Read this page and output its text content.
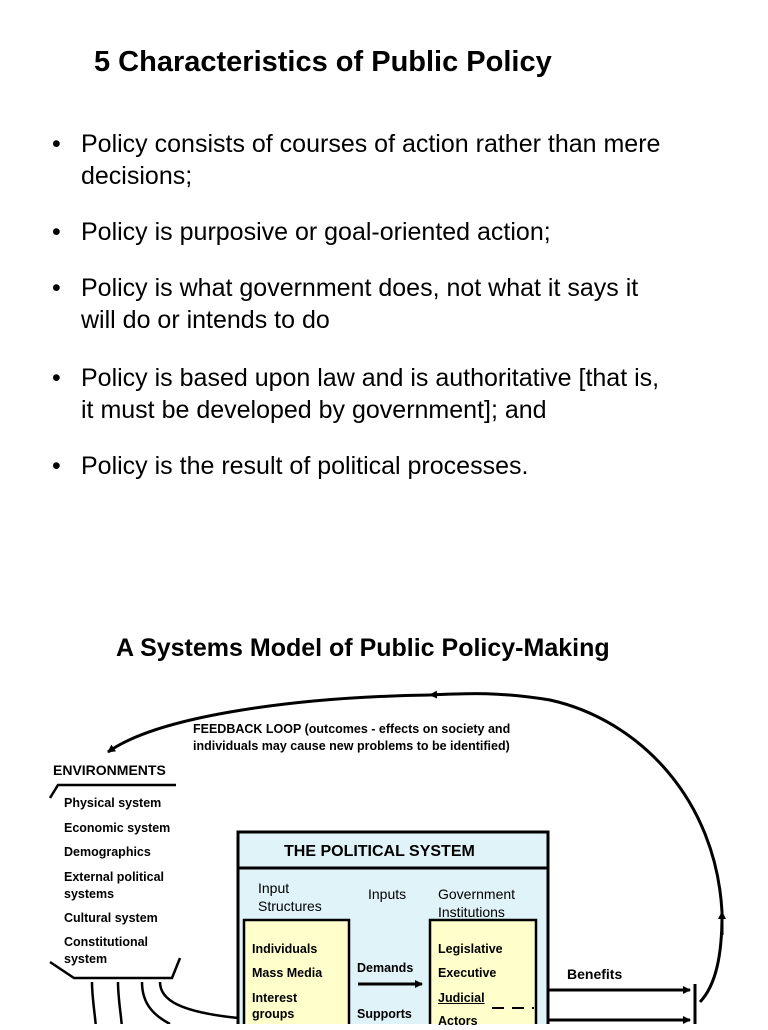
5 Characteristics of Public Policy
• Policy consists of courses of action rather than mere
decisions;
• Policy is purposive or goal-oriented action;
• Policy is what government does, not what it says it
will do or intends to do
• Policy is based upon law and is authoritative [that is,
it must be developed by government]; and
• Policy is the result of political processes.
A Systems Model of Public Policy-Making
FEEDBACK LOOP (outcomes - effects on society and
individuals may cause new problems to be identified)
ENVIRONMENTS
Physical system
Economic system
Demographics
External political
systems
Cultural system
Constitutional
system
THE POLITICAL SYSTEM
Input
Structures
Inputs Government
Institutions
Individuals
Mass Media
Interest
groups
Demands
Supports
Legislative
Executive
Judicial
Actors
Benefits
